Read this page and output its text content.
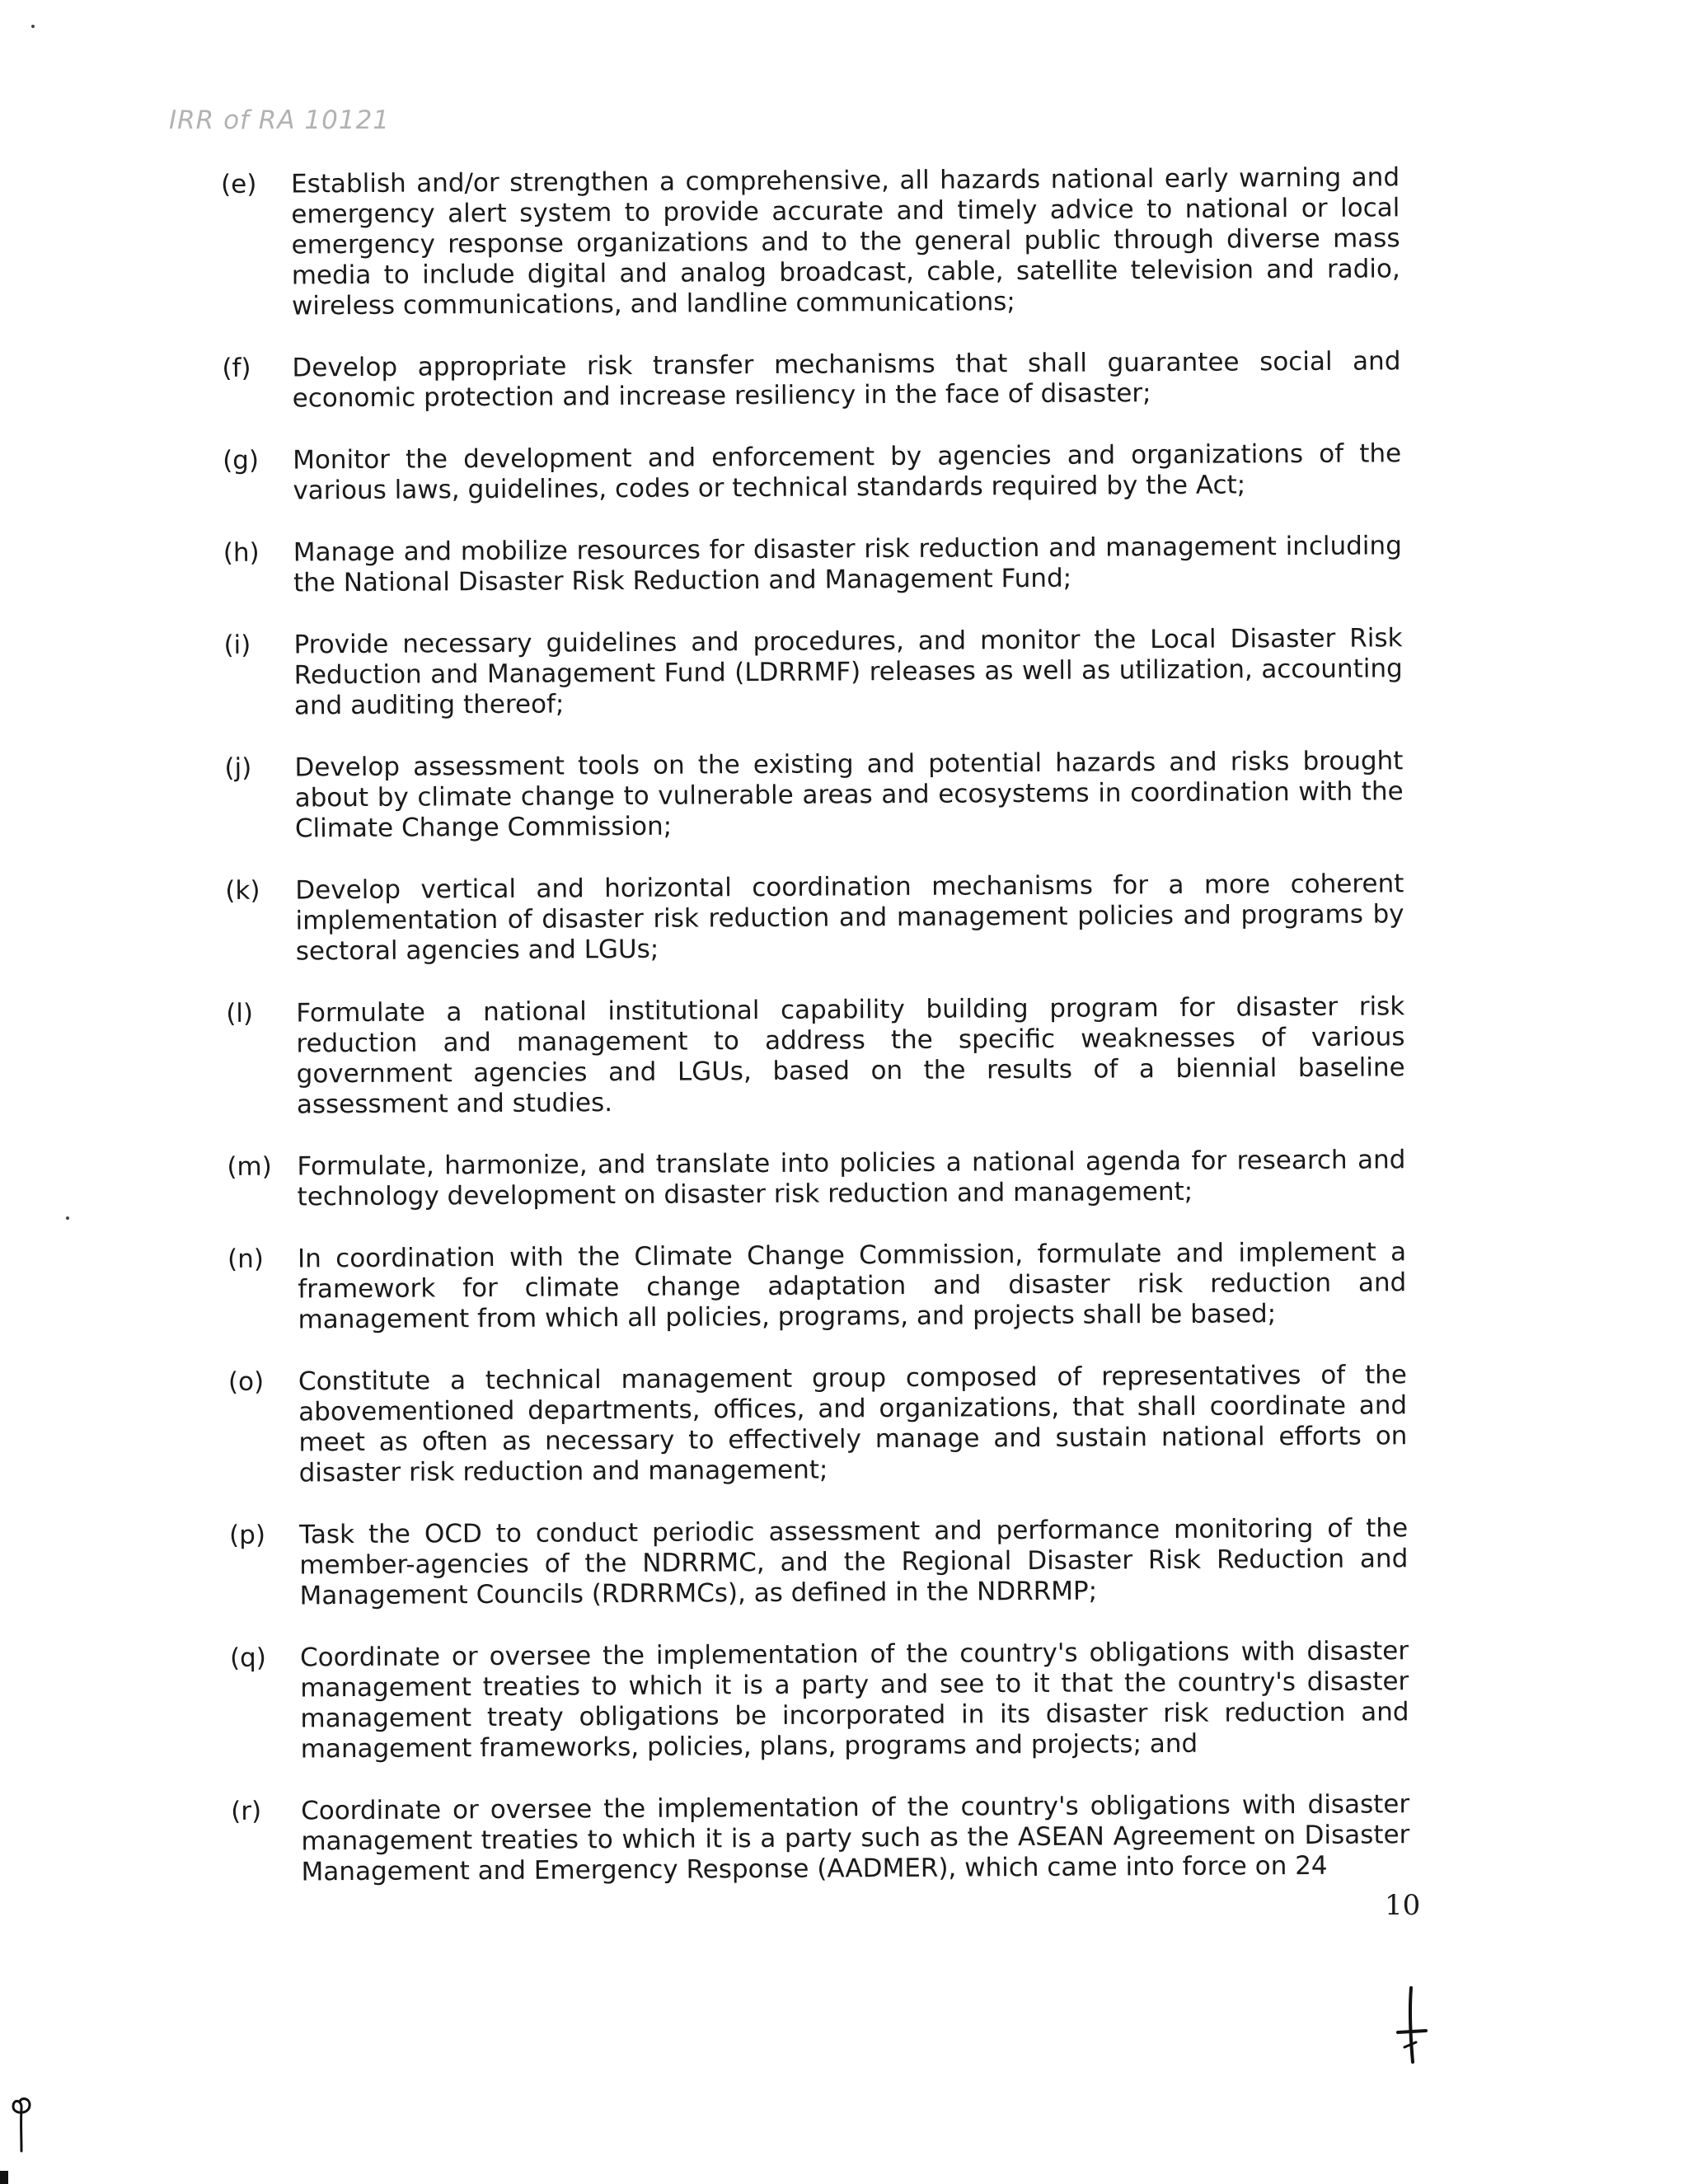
IRR of RA 10121
(e)	Establish and/or strengthen a comprehensive, all hazards national early warning and emergency alert system to provide accurate and timely advice to national or local emergency response organizations and to the general public through diverse mass media to include digital and analog broadcast, cable, satellite television and radio, wireless communications, and landline communications;
(f)	Develop appropriate risk transfer mechanisms that shall guarantee social and economic protection and increase resiliency in the face of disaster;
(g)	Monitor the development and enforcement by agencies and organizations of the various laws, guidelines, codes or technical standards required by the Act;
(h)	Manage and mobilize resources for disaster risk reduction and management including the National Disaster Risk Reduction and Management Fund;
(i)	Provide necessary guidelines and procedures, and monitor the Local Disaster Risk Reduction and Management Fund (LDRRMF) releases as well as utilization, accounting and auditing thereof;
(j)	Develop assessment tools on the existing and potential hazards and risks brought about by climate change to vulnerable areas and ecosystems in coordination with the Climate Change Commission;
(k)	Develop vertical and horizontal coordination mechanisms for a more coherent implementation of disaster risk reduction and management policies and programs by sectoral agencies and LGUs;
(l)	Formulate a national institutional capability building program for disaster risk reduction and management to address the specific weaknesses of various government agencies and LGUs, based on the results of a biennial baseline assessment and studies.
(m) Formulate, harmonize, and translate into policies a national agenda for research and technology development on disaster risk reduction and management;
(n)	In coordination with the Climate Change Commission, formulate and implement a framework for climate change adaptation and disaster risk reduction and management from which all policies, programs, and projects shall be based;
(o)	Constitute a technical management group composed of representatives of the abovementioned departments, offices, and organizations, that shall coordinate and meet as often as necessary to effectively manage and sustain national efforts on disaster risk reduction and management;
(p)	Task the OCD to conduct periodic assessment and performance monitoring of the member-agencies of the NDRRMC, and the Regional Disaster Risk Reduction and Management Councils (RDRRMCs), as defined in the NDRRMP;
(q)	Coordinate or oversee the implementation of the country's obligations with disaster management treaties to which it is a party and see to it that the country's disaster management treaty obligations be incorporated in its disaster risk reduction and management frameworks, policies, plans, programs and projects; and
(r)	Coordinate or oversee the implementation of the country's obligations with disaster management treaties to which it is a party such as the ASEAN Agreement on Disaster Management and Emergency Response (AADMER), which came into force on 24
10
